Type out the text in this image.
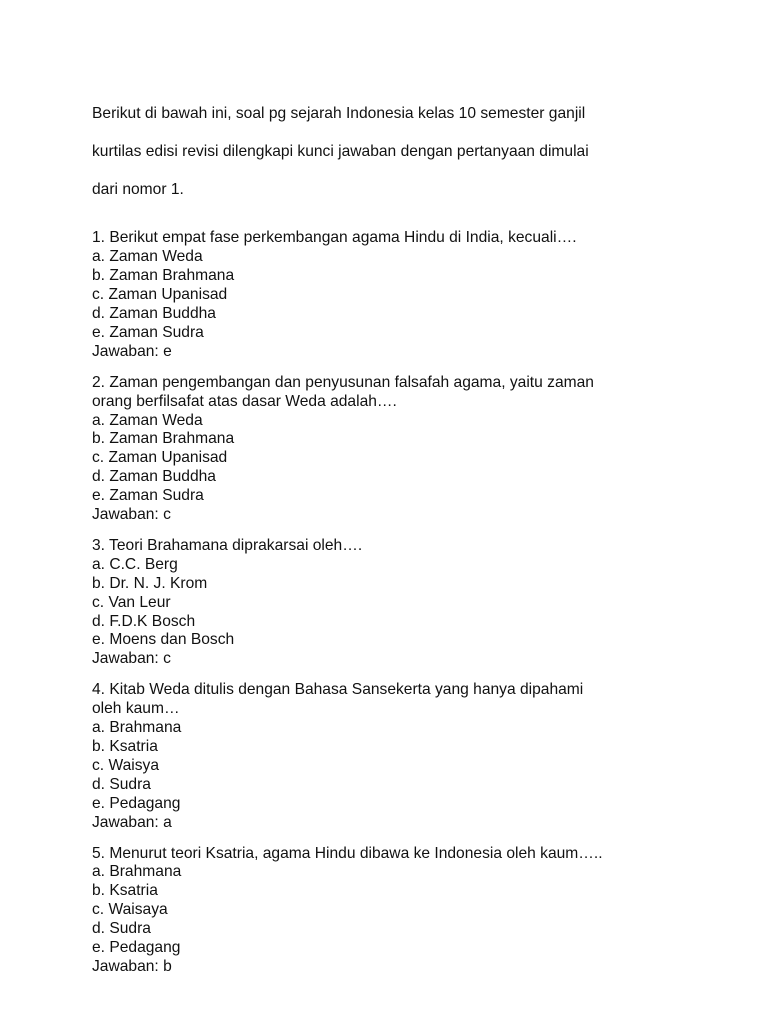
Berikut di bawah ini, soal pg sejarah Indonesia kelas 10 semester ganjil

kurtilas edisi revisi dilengkapi kunci jawaban dengan pertanyaan dimulai

dari nomor 1.

1. Berikut empat fase perkembangan agama Hindu di India, kecuali….
a. Zaman Weda
b. Zaman Brahmana
c. Zaman Upanisad
d. Zaman Buddha
e. Zaman Sudra
Jawaban: e
2. Zaman pengembangan dan penyusunan falsafah agama, yaitu zaman
orang berfilsafat atas dasar Weda adalah….
a. Zaman Weda
b. Zaman Brahmana
c. Zaman Upanisad
d. Zaman Buddha
e. Zaman Sudra
Jawaban: c
3. Teori Brahamana diprakarsai oleh….
a. C.C. Berg
b. Dr. N. J. Krom
c. Van Leur
d. F.D.K Bosch
e. Moens dan Bosch
Jawaban: c
4. Kitab Weda ditulis dengan Bahasa Sansekerta yang hanya dipahami
oleh kaum…
a. Brahmana
b. Ksatria
c. Waisya
d. Sudra
e. Pedagang
Jawaban: a
5. Menurut teori Ksatria, agama Hindu dibawa ke Indonesia oleh kaum…..
a. Brahmana
b. Ksatria
c. Waisaya
d. Sudra
e. Pedagang
Jawaban: b
